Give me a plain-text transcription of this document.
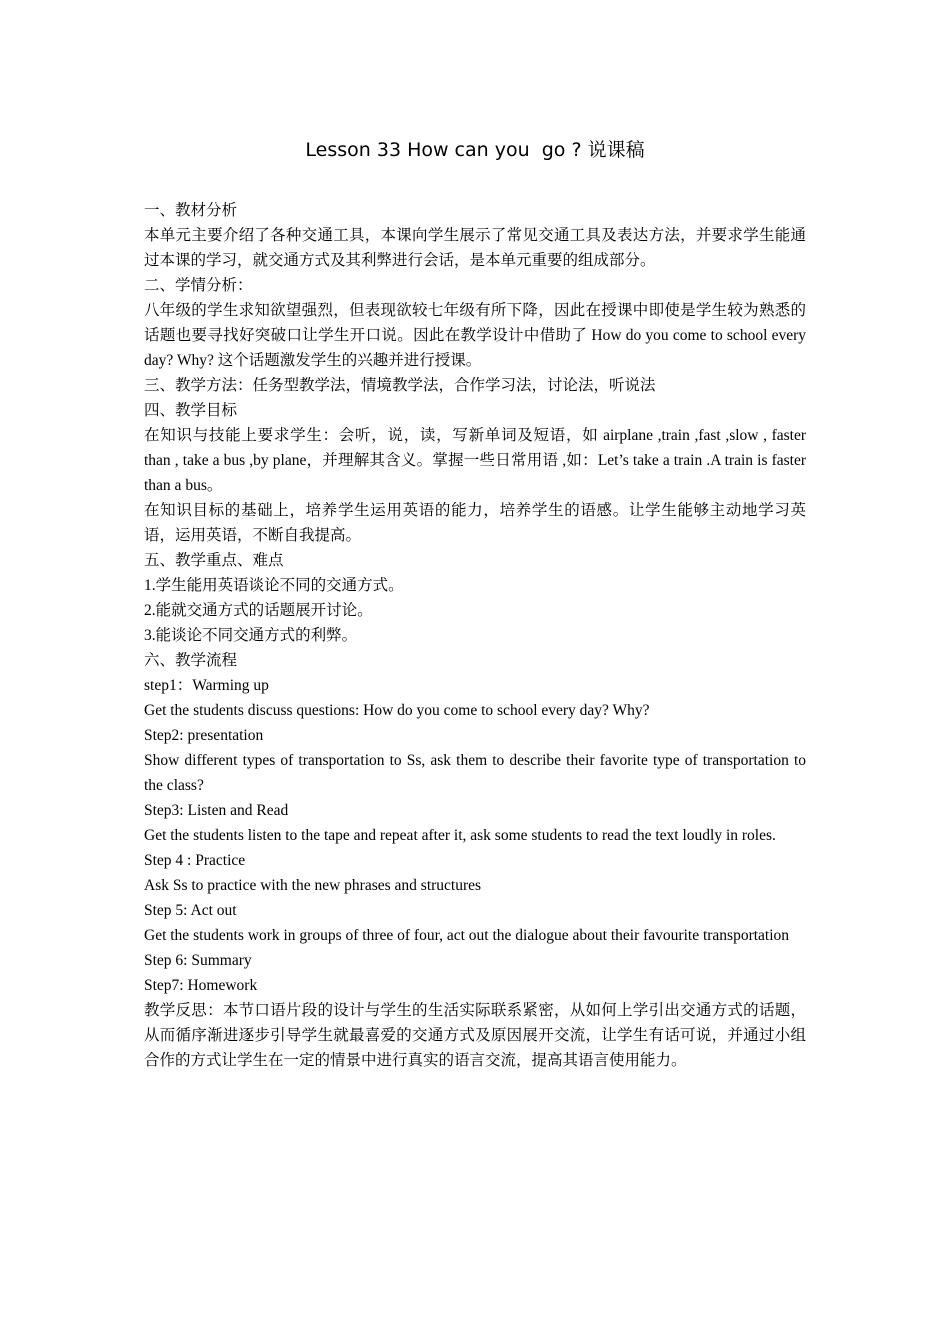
Lesson 33 How can you  go ? 说课稿

一、教材分析

本单元主要介绍了各种交通工具，本课向学生展示了常见交通工具及表达方法，并要求学生能通过本课的学习，就交通方式及其利弊进行会话，是本单元重要的组成部分。

二、学情分析：

八年级的学生求知欲望强烈，但表现欲较七年级有所下降，因此在授课中即使是学生较为熟悉的话题也要寻找好突破口让学生开口说。因此在教学设计中借助了 How do you come to school every day? Why? 这个话题激发学生的兴趣并进行授课。

三、教学方法：任务型教学法，情境教学法，合作学习法，讨论法，听说法

四、教学目标

在知识与技能上要求学生：会听，说，读，写新单词及短语，如 airplane ,train ,fast ,slow , faster than , take a bus ,by plane，并理解其含义。掌握一些日常用语 ,如：Let’s take a train .A train is faster than a bus。

在知识目标的基础上，培养学生运用英语的能力，培养学生的语感。让学生能够主动地学习英语，运用英语，不断自我提高。

五、教学重点、难点

1.学生能用英语谈论不同的交通方式。

2.能就交通方式的话题展开讨论。

3.能谈论不同交通方式的利弊。

六、教学流程

step1：Warming up

Get the students discuss questions: How do you come to school every day? Why?

Step2: presentation

Show different types of transportation to Ss, ask them to describe their favorite type of transportation to the class?

Step3: Listen and Read

Get the students listen to the tape and repeat after it, ask some students to read the text loudly in roles.

Step 4 : Practice

Ask Ss to practice with the new phrases and structures

Step 5: Act out

Get the students work in groups of three of four, act out the dialogue about their favourite transportation

Step 6: Summary

Step7: Homework

教学反思：本节口语片段的设计与学生的生活实际联系紧密，从如何上学引出交通方式的话题，从而循序渐进逐步引导学生就最喜爱的交通方式及原因展开交流，让学生有话可说，并通过小组合作的方式让学生在一定的情景中进行真实的语言交流，提高其语言使用能力。
